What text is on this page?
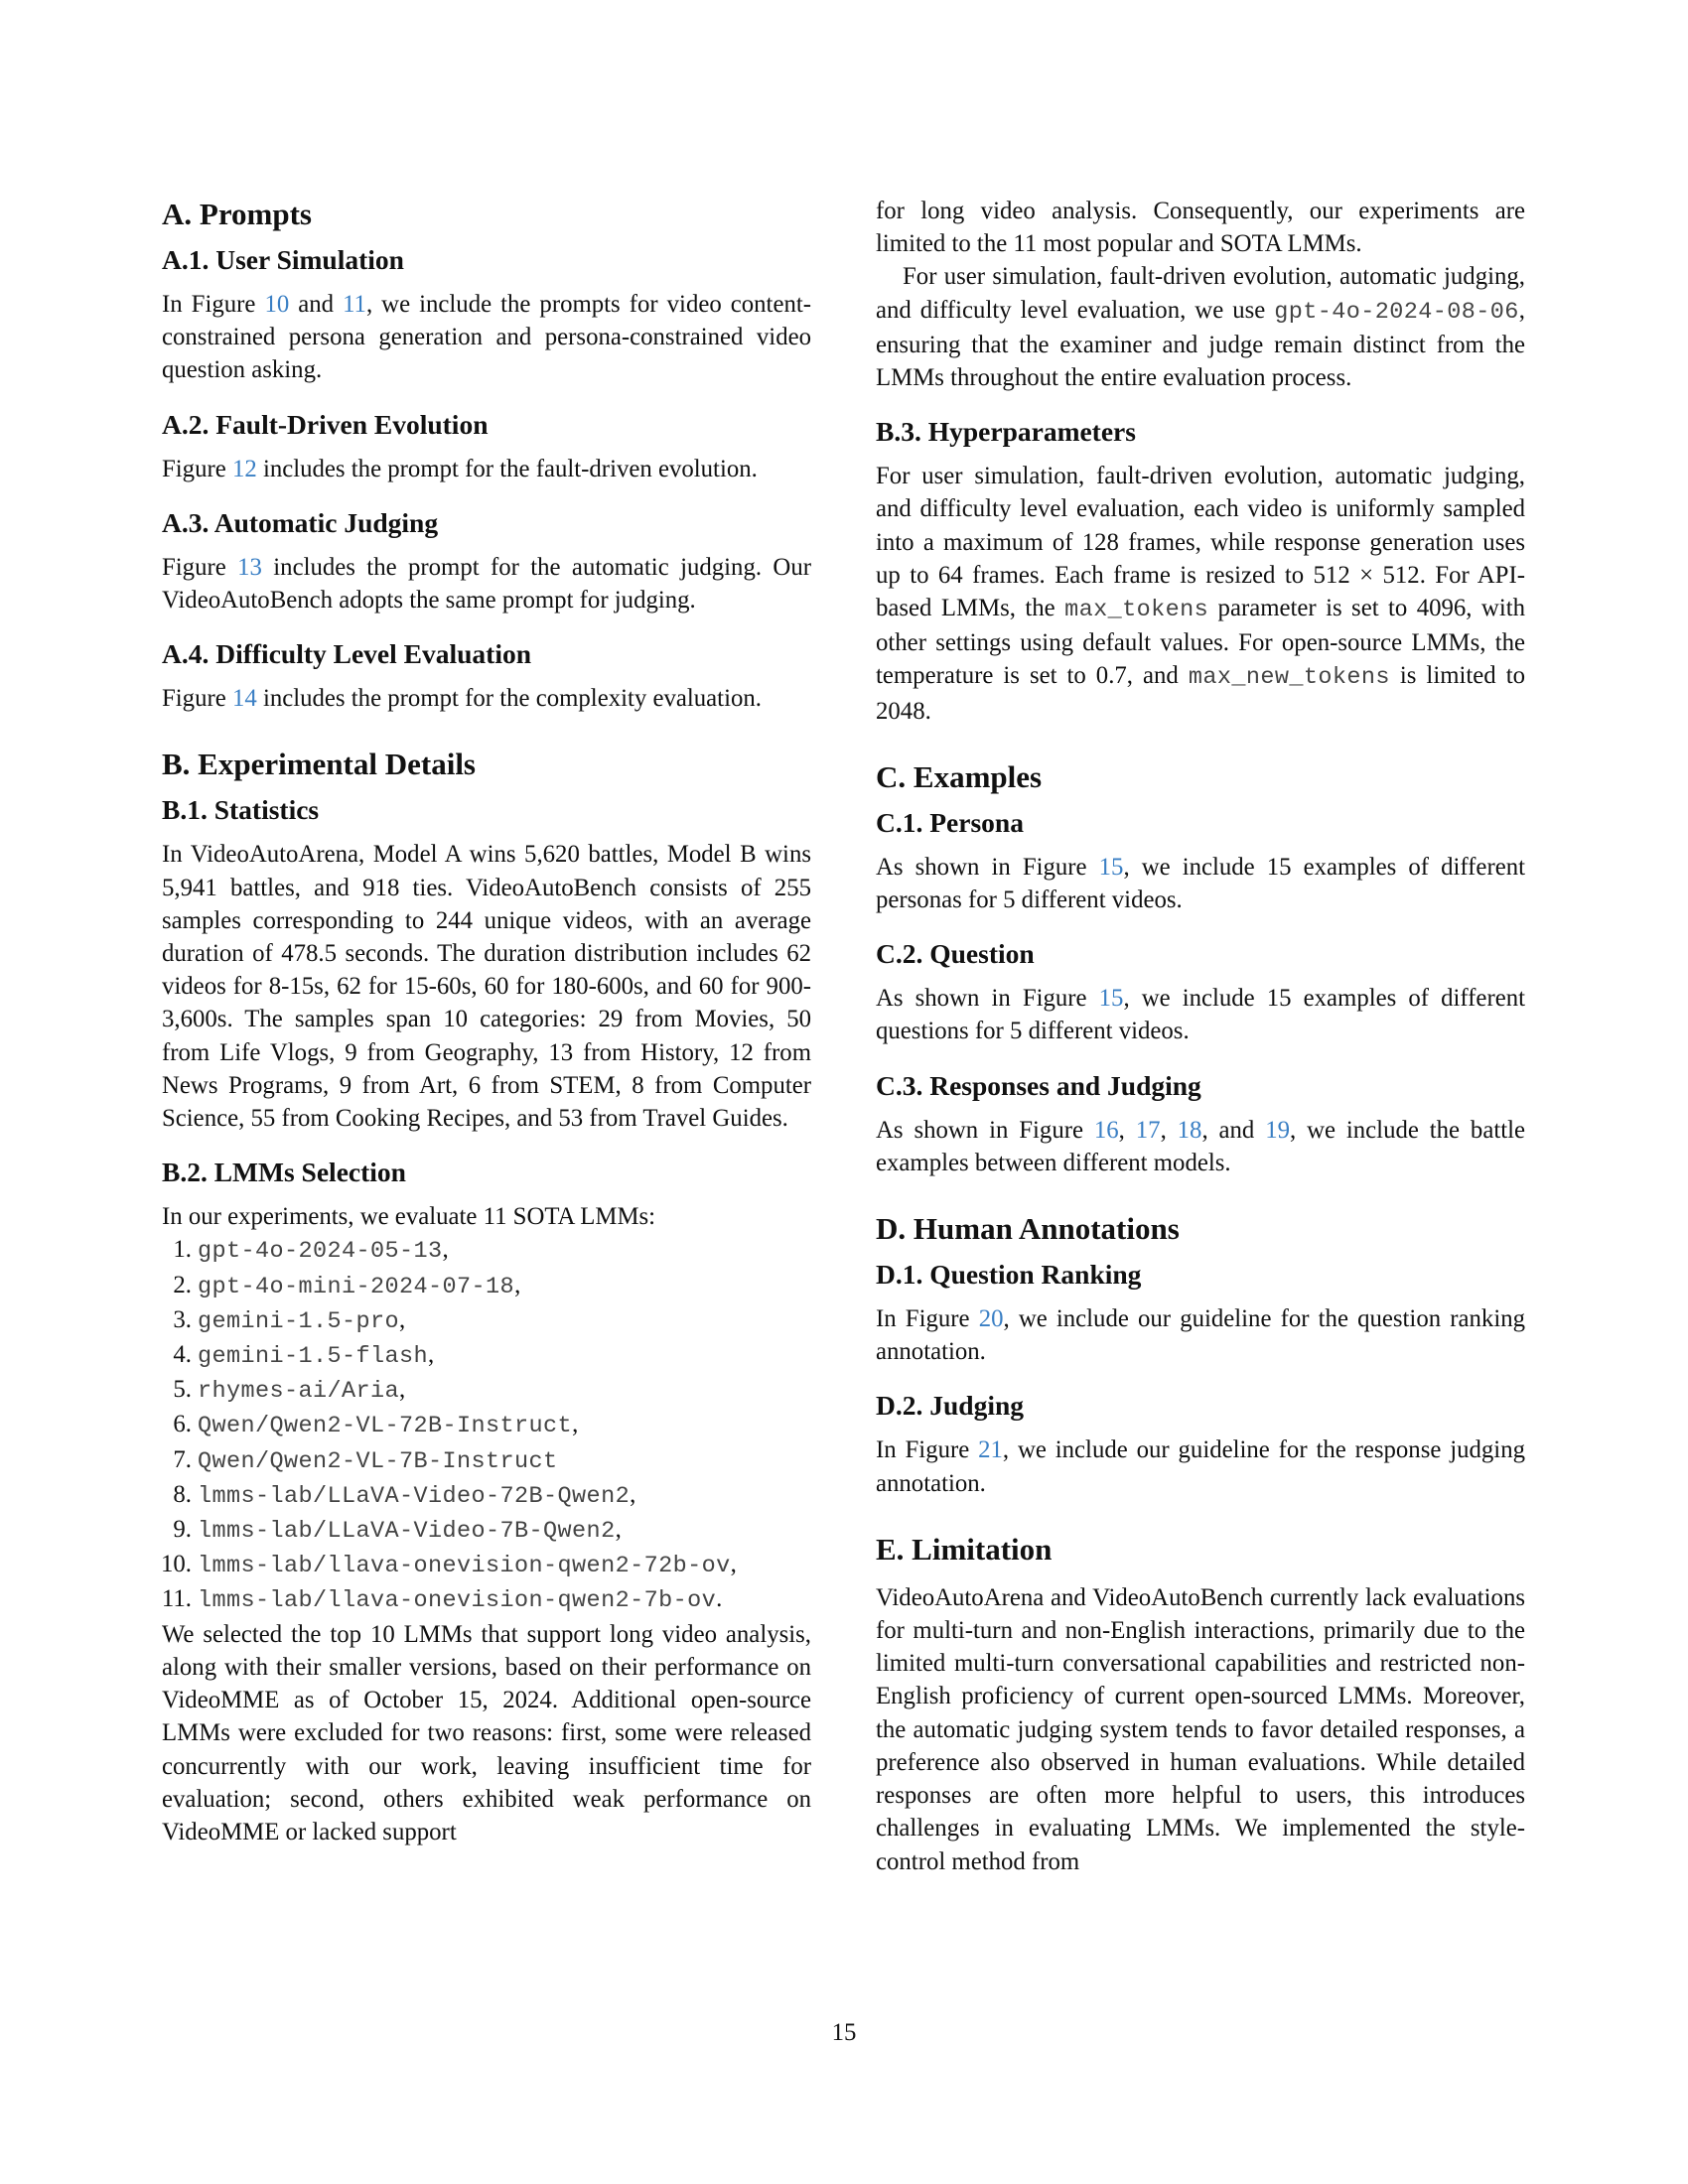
A. Prompts
A.1. User Simulation

In Figure 10 and 11, we include the prompts for video content-constrained persona generation and persona-constrained video question asking.

A.2. Fault-Driven Evolution

Figure 12 includes the prompt for the fault-driven evolution.

A.3. Automatic Judging

Figure 13 includes the prompt for the automatic judging. Our VideoAutoBench adopts the same prompt for judging.

A.4. Difficulty Level Evaluation

Figure 14 includes the prompt for the complexity evaluation.

B. Experimental Details
B.1. Statistics

In VideoAutoArena, Model A wins 5,620 battles, Model B wins 5,941 battles, and 918 ties. VideoAutoBench consists of 255 samples corresponding to 244 unique videos, with an average duration of 478.5 seconds. The duration distribution includes 62 videos for 8-15s, 62 for 15-60s, 60 for 180-600s, and 60 for 900-3,600s. The samples span 10 categories: 29 from Movies, 50 from Life Vlogs, 9 from Geography, 13 from History, 12 from News Programs, 9 from Art, 6 from STEM, 8 from Computer Science, 55 from Cooking Recipes, and 53 from Travel Guides.

B.2. LMMs Selection

In our experiments, we evaluate 11 SOTA LMMs:

1. gpt-4o-2024-05-13,
2. gpt-4o-mini-2024-07-18,
3. gemini-1.5-pro,
4. gemini-1.5-flash,
5. rhymes-ai/Aria,
6. Qwen/Qwen2-VL-72B-Instruct,
7. Qwen/Qwen2-VL-7B-Instruct
8. lmms-lab/LLaVA-Video-72B-Qwen2,
9. lmms-lab/LLaVA-Video-7B-Qwen2,
10. lmms-lab/llava-onevision-qwen2-72b-ov,
11. lmms-lab/llava-onevision-qwen2-7b-ov.

We selected the top 10 LMMs that support long video analysis, along with their smaller versions, based on their performance on VideoMME as of October 15, 2024. Additional open-source LMMs were excluded for two reasons: first, some were released concurrently with our work, leaving insufficient time for evaluation; second, others exhibited weak performance on VideoMME or lacked support

for long video analysis. Consequently, our experiments are limited to the 11 most popular and SOTA LMMs.

For user simulation, fault-driven evolution, automatic judging, and difficulty level evaluation, we use gpt-4o-2024-08-06, ensuring that the examiner and judge remain distinct from the LMMs throughout the entire evaluation process.

B.3. Hyperparameters

For user simulation, fault-driven evolution, automatic judging, and difficulty level evaluation, each video is uniformly sampled into a maximum of 128 frames, while response generation uses up to 64 frames. Each frame is resized to 512 × 512. For API-based LMMs, the max_tokens parameter is set to 4096, with other settings using default values. For open-source LMMs, the temperature is set to 0.7, and max_new_tokens is limited to 2048.

C. Examples
C.1. Persona

As shown in Figure 15, we include 15 examples of different personas for 5 different videos.

C.2. Question

As shown in Figure 15, we include 15 examples of different questions for 5 different videos.

C.3. Responses and Judging

As shown in Figure 16, 17, 18, and 19, we include the battle examples between different models.

D. Human Annotations
D.1. Question Ranking

In Figure 20, we include our guideline for the question ranking annotation.

D.2. Judging

In Figure 21, we include our guideline for the response judging annotation.

E. Limitation

VideoAutoArena and VideoAutoBench currently lack evaluations for multi-turn and non-English interactions, primarily due to the limited multi-turn conversational capabilities and restricted non-English proficiency of current open-sourced LMMs. Moreover, the automatic judging system tends to favor detailed responses, a preference also observed in human evaluations. While detailed responses are often more helpful to users, this introduces challenges in evaluating LMMs. We implemented the style-control method from

15
